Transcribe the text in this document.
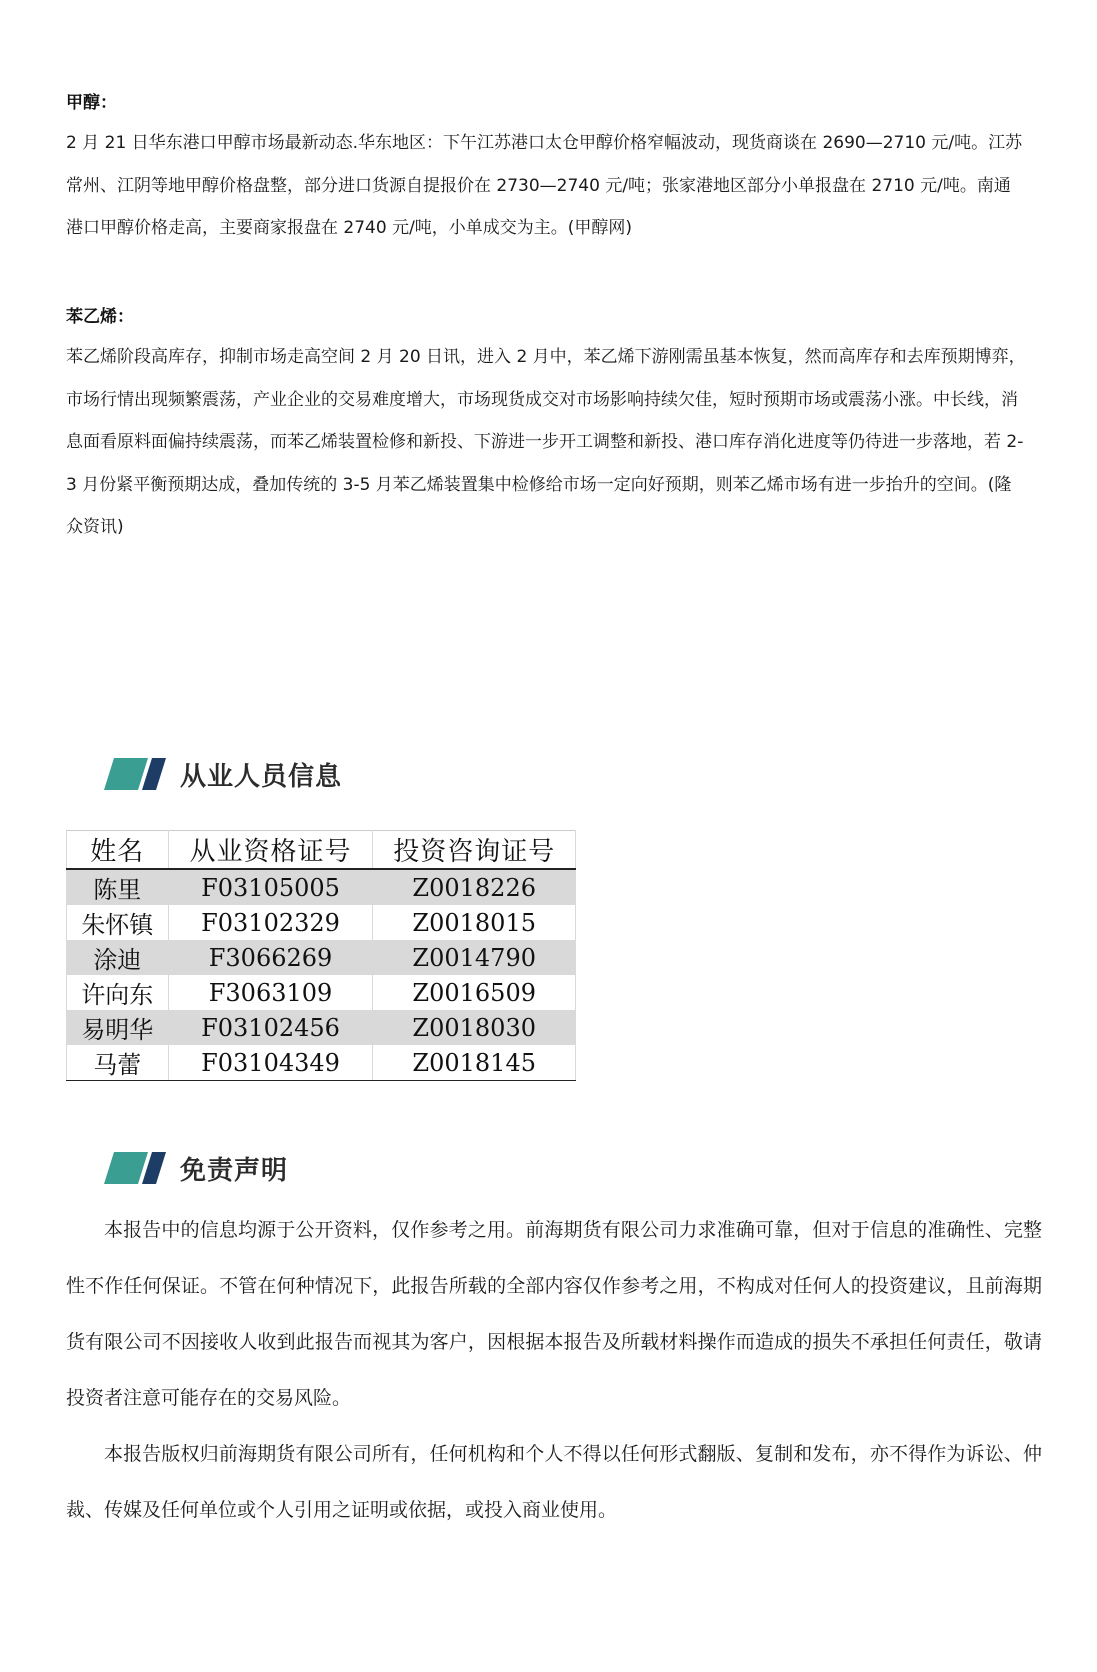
甲醇：

2 月 21 日华东港口甲醇市场最新动态.华东地区：下午江苏港口太仓甲醇价格窄幅波动，现货商谈在 2690—2710 元/吨。江苏常州、江阴等地甲醇价格盘整，部分进口货源自提报价在 2730—2740 元/吨；张家港地区部分小单报盘在 2710 元/吨。南通港口甲醇价格走高，主要商家报盘在 2740 元/吨，小单成交为主。(甲醇网)

苯乙烯：

苯乙烯阶段高库存，抑制市场走高空间 2 月 20 日讯，进入 2 月中，苯乙烯下游刚需虽基本恢复，然而高库存和去库预期博弈，市场行情出现频繁震荡，产业企业的交易难度增大，市场现货成交对市场影响持续欠佳，短时预期市场或震荡小涨。中长线，消息面看原料面偏持续震荡，而苯乙烯装置检修和新投、下游进一步开工调整和新投、港口库存消化进度等仍待进一步落地，若 2-3 月份紧平衡预期达成，叠加传统的 3-5 月苯乙烯装置集中检修给市场一定向好预期，则苯乙烯市场有进一步抬升的空间。(隆众资讯)

从业人员信息
姓名	从业资格证号	投资咨询证号
陈里	F03105005	Z0018226
朱怀镇	F03102329	Z0018015
涂迪	F3066269	Z0014790
许向东	F3063109	Z0016509
易明华	F03102456	Z0018030
马蕾	F03104349	Z0018145
免责声明

本报告中的信息均源于公开资料，仅作参考之用。前海期货有限公司力求准确可靠，但对于信息的准确性、完整性不作任何保证。不管在何种情况下，此报告所载的全部内容仅作参考之用，不构成对任何人的投资建议，且前海期货有限公司不因接收人收到此报告而视其为客户，因根据本报告及所载材料操作而造成的损失不承担任何责任，敬请投资者注意可能存在的交易风险。

本报告版权归前海期货有限公司所有，任何机构和个人不得以任何形式翻版、复制和发布，亦不得作为诉讼、仲裁、传媒及任何单位或个人引用之证明或依据，或投入商业使用。
